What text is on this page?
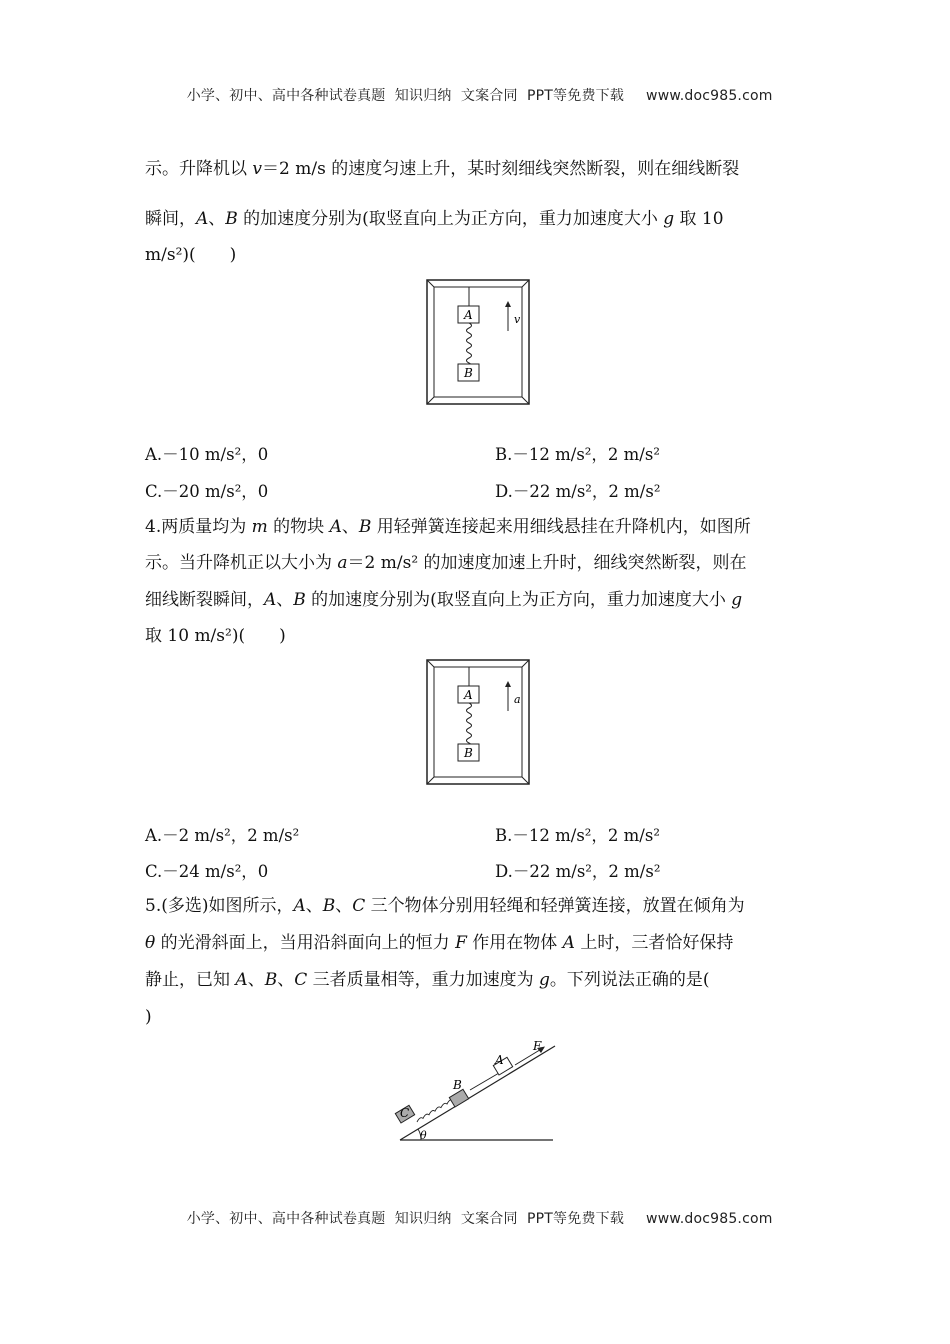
小学、初中、高中各种试卷真题  知识归纳  文案合同  PPT等免费下载 www.doc985.com

示。升降机以 v＝2 m/s 的速度匀速上升，某时刻细线突然断裂，则在细线断裂
瞬间，A、B 的加速度分别为(取竖直向上为正方向，重力加速度大小 g 取 10
m/s²)(　　)
A
B
v
A.－10 m/s²，0	B.－12 m/s²，2 m/s²
C.－20 m/s²，0	D.－22 m/s²，2 m/s²
4.两质量均为 m 的物块 A、B 用轻弹簧连接起来用细线悬挂在升降机内，如图所
示。当升降机正以大小为 a＝2 m/s² 的加速度加速上升时，细线突然断裂，则在
细线断裂瞬间，A、B 的加速度分别为(取竖直向上为正方向，重力加速度大小 g
取 10 m/s²)(　　)
A
B
a
A.－2 m/s²，2 m/s²	B.－12 m/s²，2 m/s²
C.－24 m/s²，0	D.－22 m/s²，2 m/s²
5.(多选)如图所示，A、B、C 三个物体分别用轻绳和轻弹簧连接，放置在倾角为
θ 的光滑斜面上，当用沿斜面向上的恒力 F 作用在物体 A 上时，三者恰好保持
静止，已知 A、B、C 三者质量相等，重力加速度为 g。下列说法正确的是(
)
θ
C
B
A
F

小学、初中、高中各种试卷真题  知识归纳  文案合同  PPT等免费下载 www.doc985.com
